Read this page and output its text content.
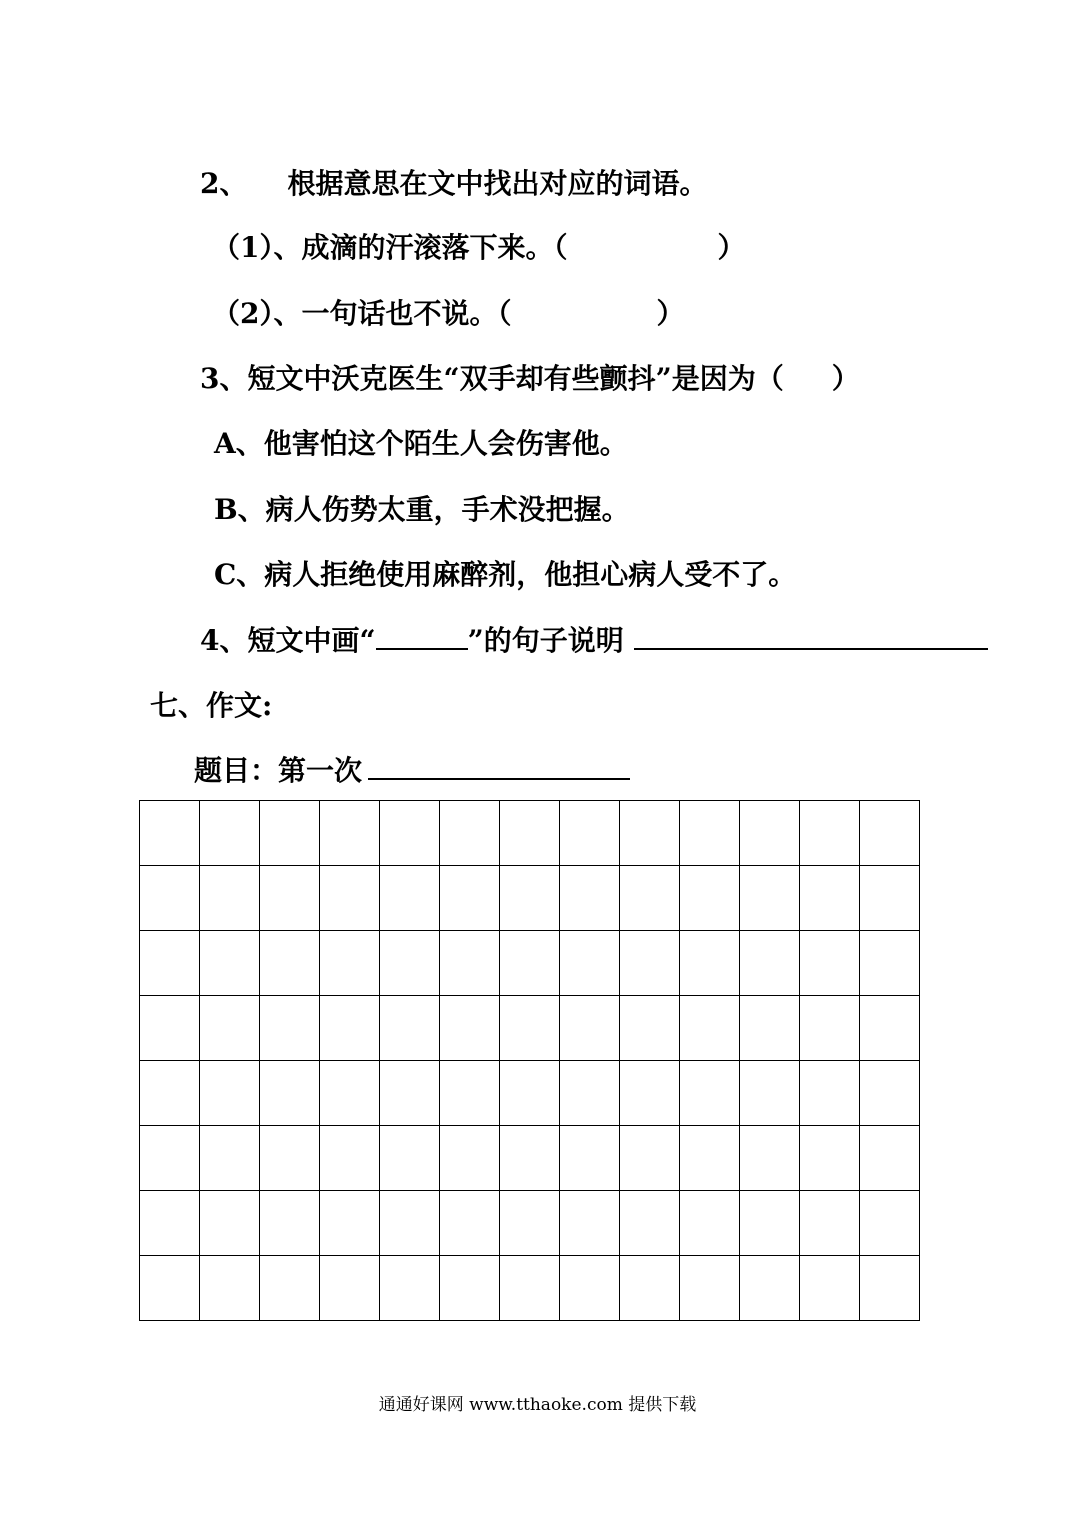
2、 根据意思在文中找出对应的词语。
（1）、成滴的汗滚落下来。（	）
（2）、一句话也不说。（	）
3、短文中沃克医生“双手却有些颤抖”是因为（ ）
A、他害怕这个陌生人会伤害他。
B、病人伤势太重，手术没把握。
C、病人拒绝使用麻醉剂，他担心病人受不了。
4、短文中画“	”的句子说明
七、作文:
题目：第一次

通通好课网 www.tthaoke.com 提供下载
